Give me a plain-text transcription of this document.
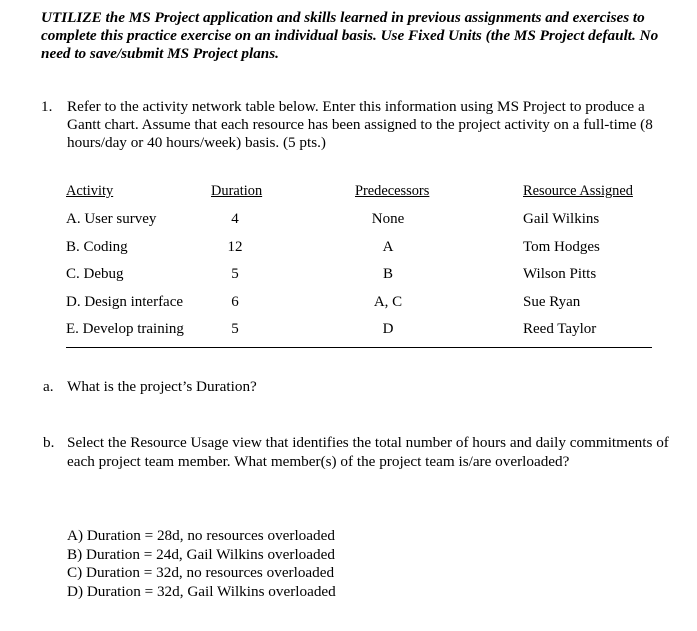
UTILIZE the MS Project application and skills learned in previous assignments and exercises to complete this practice exercise on an individual basis. Use Fixed Units (the MS Project default. No need to save/submit MS Project plans.
1. Refer to the activity network table below. Enter this information using MS Project to produce a Gantt chart. Assume that each resource has been assigned to the project activity on a full-time (8 hours/day or 40 hours/week) basis. (5 pts.)
Activity	Duration	Predecessors	Resource Assigned
A. User survey	4	None	Gail Wilkins
B. Coding	12	A	Tom Hodges
C. Debug	5	B	Wilson Pitts
D. Design interface	6	A, C	Sue Ryan
E. Develop training	5	D	Reed Taylor
a. What is the project’s Duration?
b. Select the Resource Usage view that identifies the total number of hours and daily commitments of each project team member. What member(s) of the project team is/are overloaded?
A) Duration = 28d, no resources overloaded
B) Duration = 24d, Gail Wilkins overloaded
C) Duration = 32d, no resources overloaded
D) Duration = 32d, Gail Wilkins overloaded
